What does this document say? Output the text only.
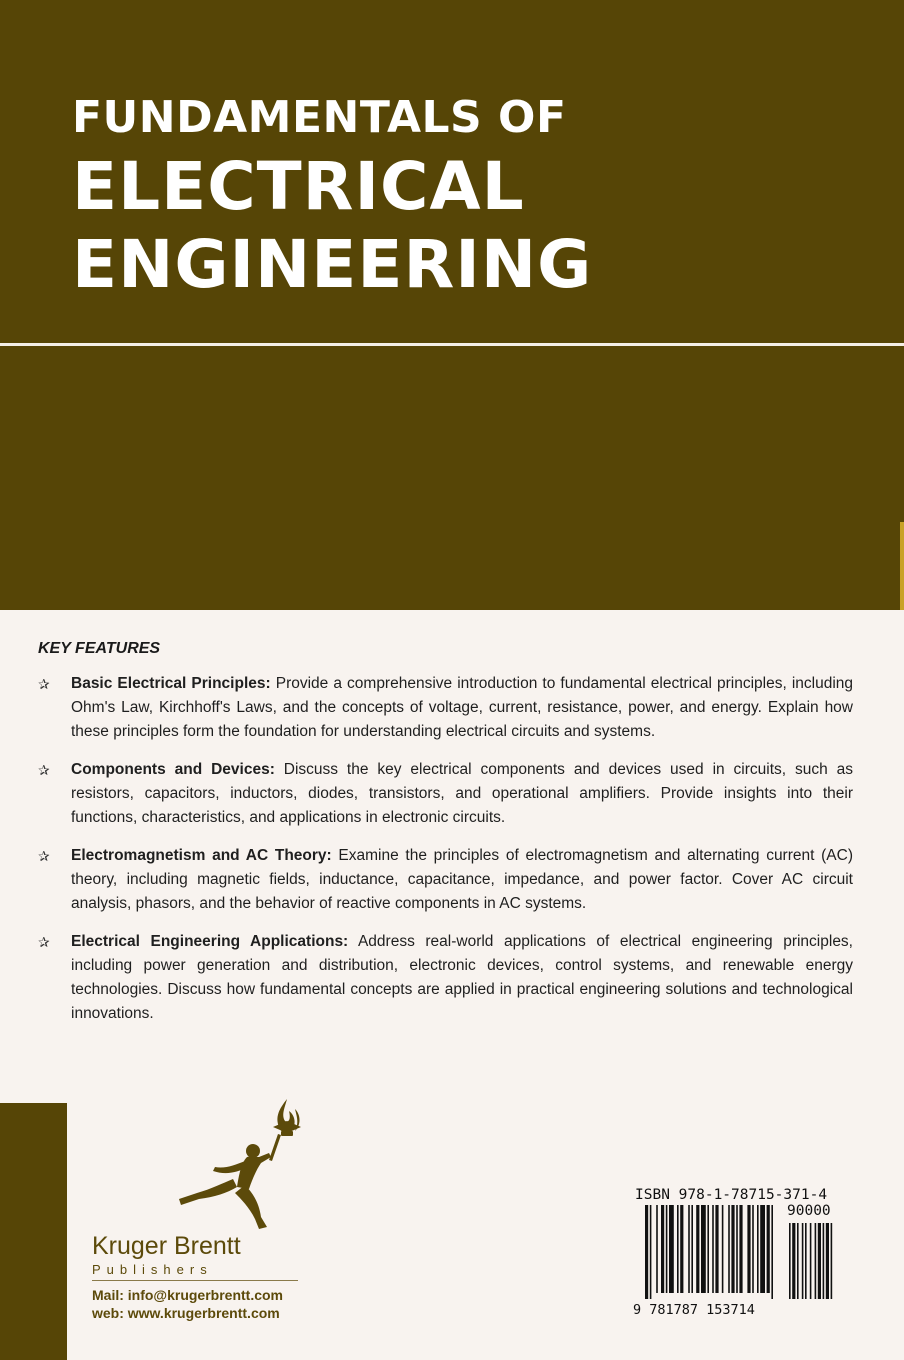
FUNDAMENTALS OF
ELECTRICAL
ENGINEERING

KEY FEATURES

✰ Basic Electrical Principles: Provide a comprehensive introduction to fundamental electrical principles, including Ohm's Law, Kirchhoff's Laws, and the concepts of voltage, current, resistance, power, and energy. Explain how these principles form the foundation for understanding electrical circuits and systems.
✰ Components and Devices: Discuss the key electrical components and devices used in circuits, such as resistors, capacitors, inductors, diodes, transistors, and operational amplifiers. Provide insights into their functions, characteristics, and applications in electronic circuits.
✰ Electromagnetism and AC Theory: Examine the principles of electromagnetism and alternating current (AC) theory, including magnetic fields, inductance, capacitance, impedance, and power factor. Cover AC circuit analysis, phasors, and the behavior of reactive components in AC systems.
✰ Electrical Engineering Applications: Address real-world applications of electrical engineering principles, including power generation and distribution, electronic devices, control systems, and renewable energy technologies. Discuss how fundamental concepts are applied in practical engineering solutions and technological innovations.
Kruger Brentt
Publishers
Mail: info@krugerbrentt.com
web: www.krugerbrentt.com
ISBN 978-1-78715-371-4
90000
9 781787 153714
